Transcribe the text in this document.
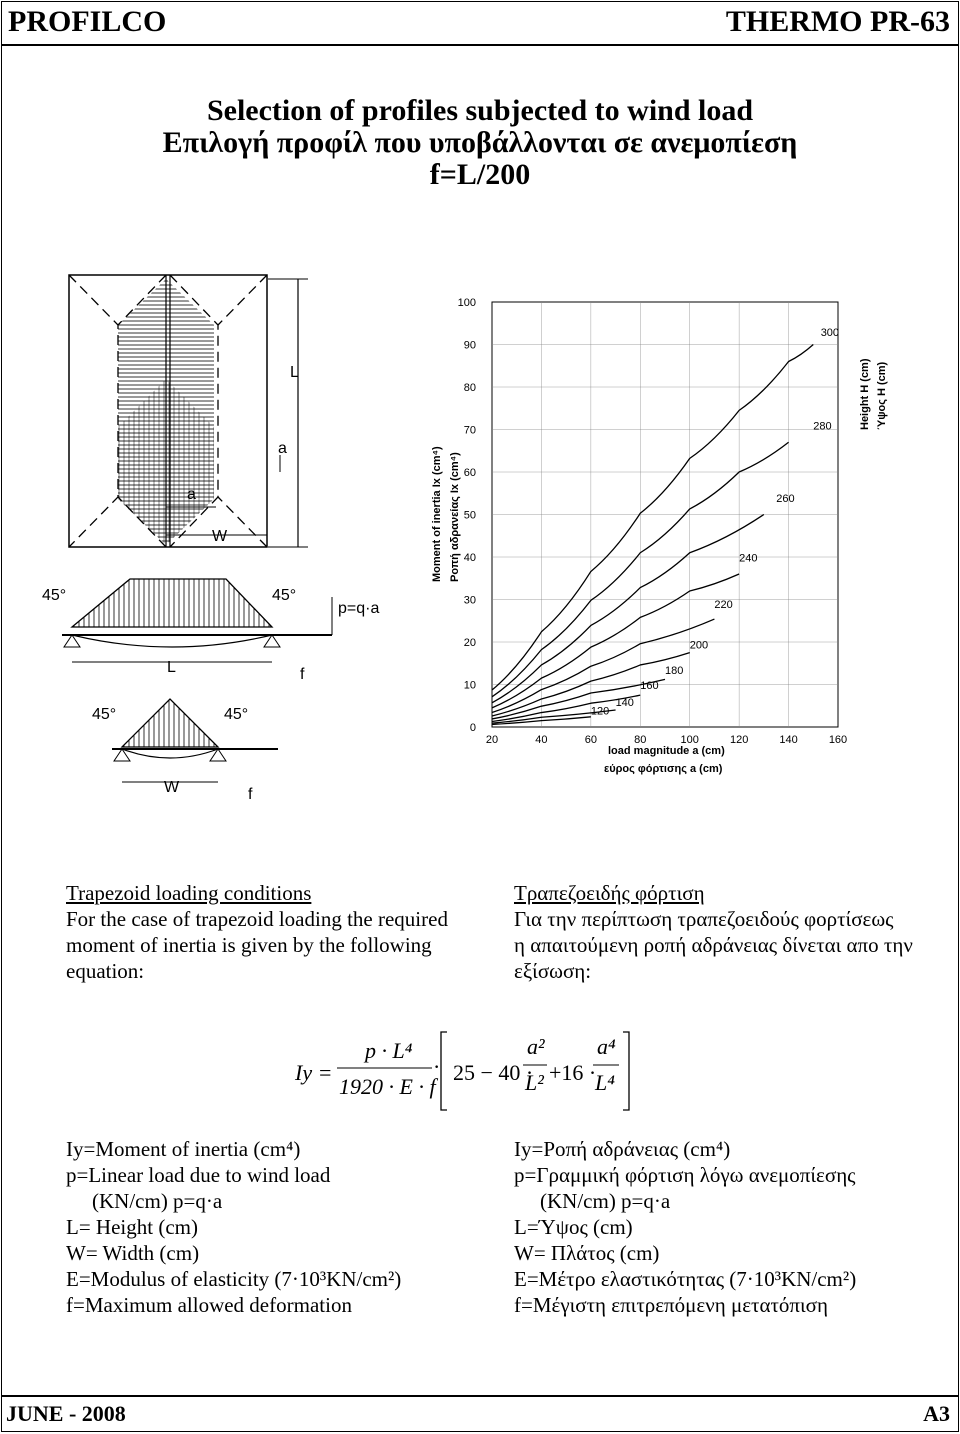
PROFILCO	THERMO PR-63
Selection of profiles subjected to wind load
Επιλογή προφίλ που υποβάλλονται σε ανεμοπίεση
f=L/200
L
a
a
W
45°	45°
p=q·a
L	f
45°	45°
W	f
0
10
20
30
40
50
60
70
80
90
100
20	40	60	80	100	120	140	160
120
140
160
180
200
220
240
260
280
300
load magnitude a (cm)
εύρος φόρτισης a (cm)
Moment of inertia Ix (cm⁴) Ροπή αδρανείας Ix (cm⁴)
Height H (cm) Ύψος H (cm)
Trapezoid loading conditions
For the case of trapezoid loading the required
moment of inertia is given by the following
equation:
Τραπεζοειδής φόρτιση
Για την περίπτωση τραπεζοειδούς φορτίσεως
η απαιτούμενη ροπή αδράνειας δίνεται απο την
εξίσωση:
Iy =
p · L⁴
1920 · E · f
· 25 − 40 ·
a²
L² +16 ·
a⁴
L⁴
Iy=Moment of inertia (cm⁴)
p=Linear load due to wind load
(KN/cm) p=q·a
L= Height (cm)
W= Width (cm)
E=Modulus of elasticity (7·10³KN/cm²)
f=Maximum allowed deformation
Iy=Ροπή αδράνειας (cm⁴)
p=Γραμμική φόρτιση λόγω ανεμοπίεσης
(KN/cm) p=q·a
L=Ύψος (cm)
W= Πλάτος (cm)
E=Μέτρο ελαστικότητας (7·10³KN/cm²)
f=Μέγιστη επιτρεπόμενη μετατόπιση
JUNE - 2008	A3
